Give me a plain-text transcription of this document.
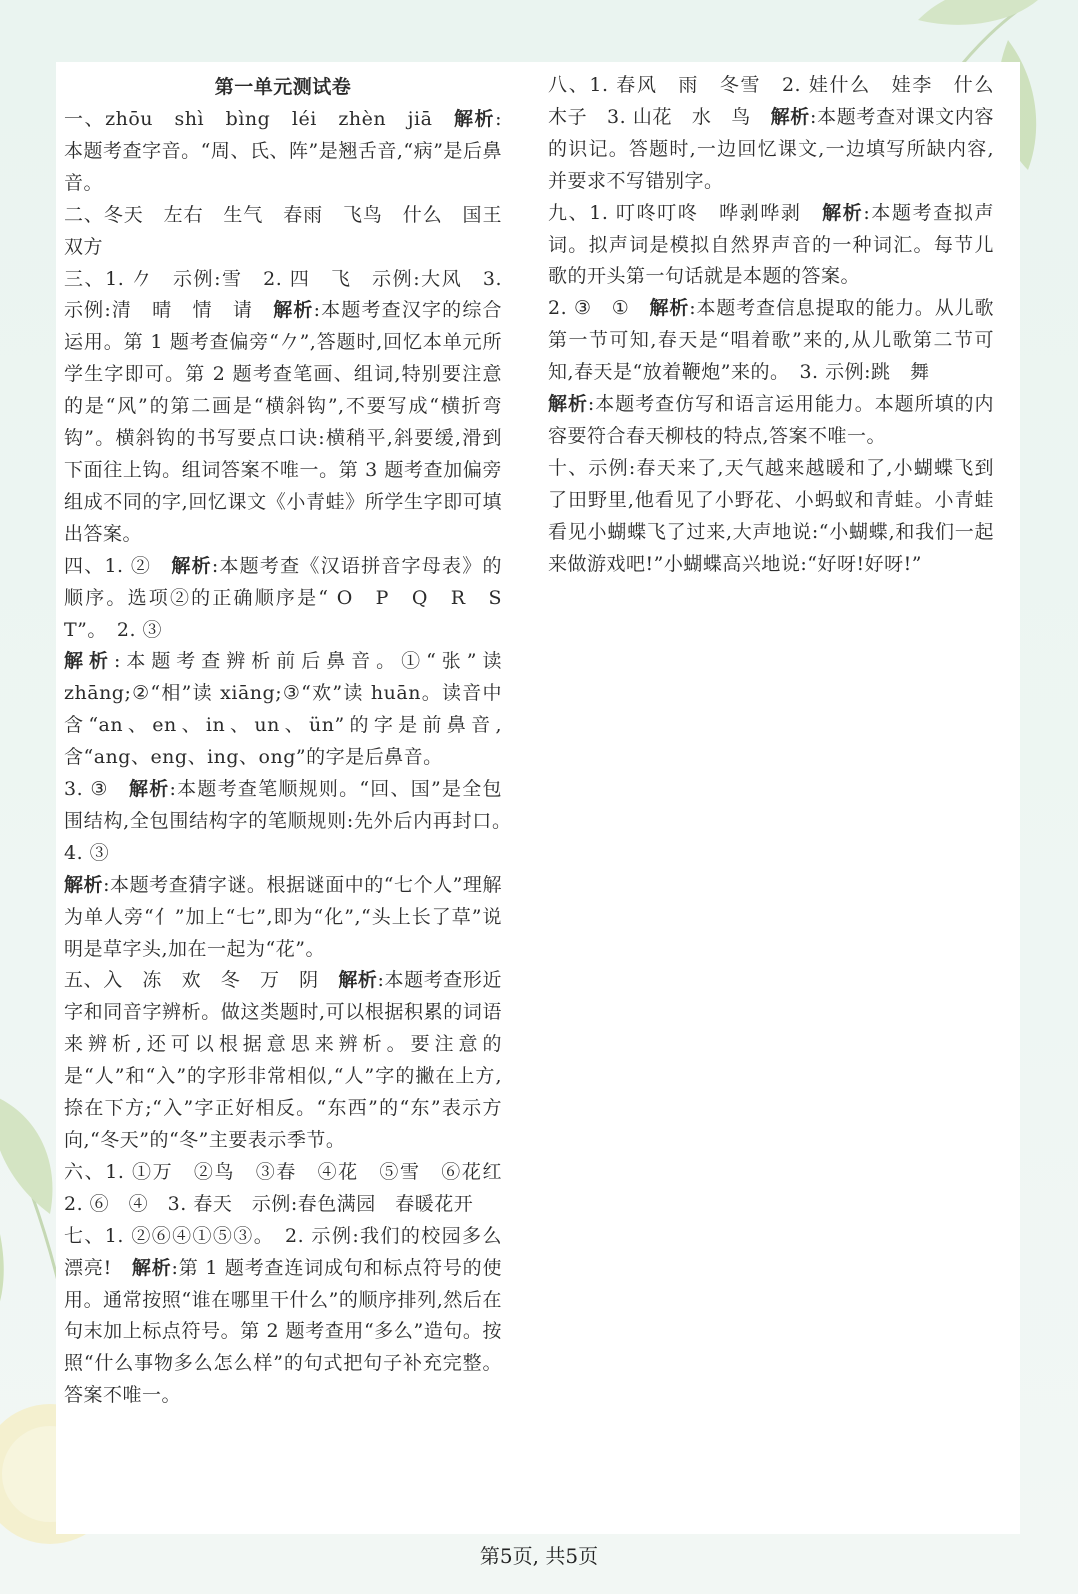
第一单元测试卷

一、zhōu　shì　bìng　léi　zhèn　jiā　解析:本题考查字音。“周、氏、阵”是翘舌音,“病”是后鼻音。

二、冬天　左右　生气　春雨　飞鸟　什么　国王　双方

三、1. 𠂊　示例:雪　2. 四　飞　示例:大风　3. 示例:清　晴　情　请　解析:本题考查汉字的综合运用。第 1 题考查偏旁“𠂊”,答题时,回忆本单元所学生字即可。第 2 题考查笔画、组词,特别要注意的是“风”的第二画是“横斜钩”,不要写成“横折弯钩”。横斜钩的书写要点口诀:横稍平,斜要缓,滑到下面往上钩。组词答案不唯一。第 3 题考查加偏旁组成不同的字,回忆课文《小青蛙》所学生字即可填出答案。

四、1. ②　解析:本题考查《汉语拼音字母表》的顺序。选项②的正确顺序是“ O　P　Q　R　S　T”。　2. ③　

解析:本题考查辨析前后鼻音。①“张”读 zhāng;②“相”读 xiāng;③“欢”读 huān。读音中含“an、en、in、un、ün”的字是前鼻音,含“ang、eng、ing、ong”的字是后鼻音。

3. ③　解析:本题考查笔顺规则。“回、国”是全包围结构,全包围结构字的笔顺规则:先外后内再封口。　4. ③　

解析:本题考查猜字谜。根据谜面中的“七个人”理解为单人旁“亻”加上“七”,即为“化”,“头上长了草”说明是草字头,加在一起为“花”。

五、入　冻　欢　冬　万　阴　解析:本题考查形近字和同音字辨析。做这类题时,可以根据积累的词语来辨析,还可以根据意思来辨析。要注意的是“人”和“入”的字形非常相似,“人”字的撇在上方,捺在下方;“入”字正好相反。“东西”的“东”表示方向,“冬天”的“冬”主要表示季节。

六、1. ①万　②鸟　③春　④花　⑤雪　⑥花红　2. ⑥　④　3. 春天　示例:春色满园　春暖花开

七、1. ②⑥④①⑤③。　2. 示例:我们的校园多么漂亮!　解析:第 1 题考查连词成句和标点符号的使用。通常按照“谁在哪里干什么”的顺序排列,然后在句末加上标点符号。第 2 题考查用“多么”造句。按照“什么事物多么怎么样”的句式把句子补充完整。答案不唯一。

八、1. 春风　雨　冬雪　2. 娃什么　娃李　什么　木子　3. 山花　水　鸟　解析:本题考查对课文内容的识记。答题时,一边回忆课文,一边填写所缺内容,并要求不写错别字。

九、1. 叮咚叮咚　哗剥哗剥　解析:本题考查拟声词。拟声词是模拟自然界声音的一种词汇。每节儿歌的开头第一句话就是本题的答案。

2. ③　①　解析:本题考查信息提取的能力。从儿歌第一节可知,春天是“唱着歌”来的,从儿歌第二节可知,春天是“放着鞭炮”来的。　3. 示例:跳　舞　

解析:本题考查仿写和语言运用能力。本题所填的内容要符合春天柳枝的特点,答案不唯一。

十、示例:春天来了,天气越来越暖和了,小蝴蝶飞到了田野里,他看见了小野花、小蚂蚁和青蛙。小青蛙看见小蝴蝶飞了过来,大声地说:“小蝴蝶,和我们一起来做游戏吧!”小蝴蝶高兴地说:“好呀!好呀!”

第5页, 共5页
